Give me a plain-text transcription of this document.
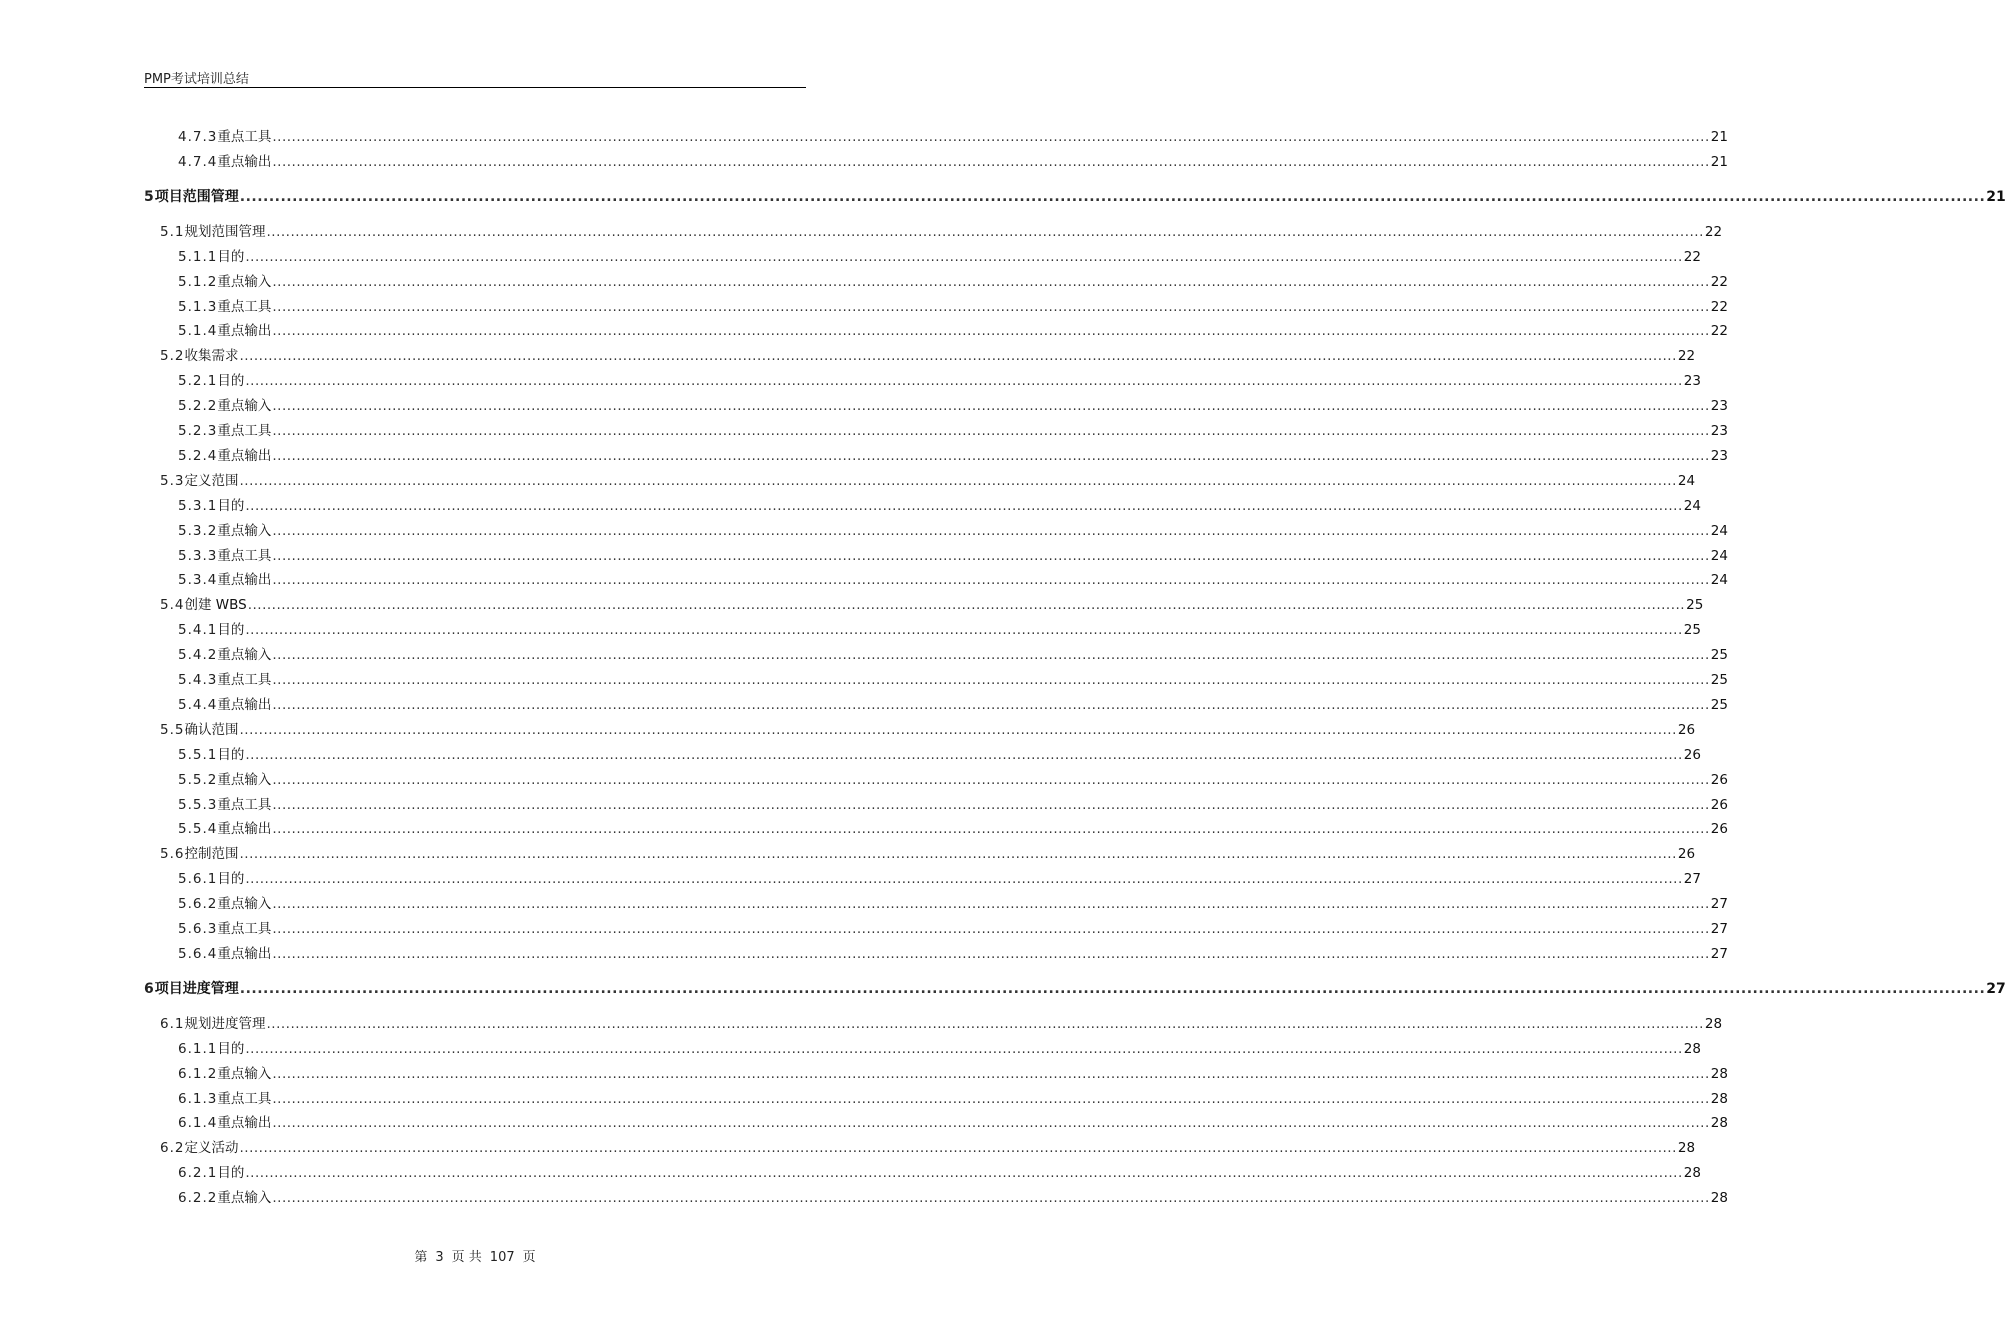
PMP考试培训总结
4.7.3 重点工具 ............................................................................................................................................................................................................................................................................................................ 21
4.7.4 重点输出 ............................................................................................................................................................................................................................................................................................................ 21
5 项目范围管理 ............................................................................................................................................................................................................................................................................................................ 21
5.1 规划范围管理 ............................................................................................................................................................................................................................................................................................................ 22
5.1.1 目的 ............................................................................................................................................................................................................................................................................................................ 22
5.1.2 重点输入 ............................................................................................................................................................................................................................................................................................................ 22
5.1.3 重点工具 ............................................................................................................................................................................................................................................................................................................ 22
5.1.4 重点输出 ............................................................................................................................................................................................................................................................................................................ 22
5.2 收集需求 ............................................................................................................................................................................................................................................................................................................ 22
5.2.1 目的 ............................................................................................................................................................................................................................................................................................................ 23
5.2.2 重点输入 ............................................................................................................................................................................................................................................................................................................ 23
5.2.3 重点工具 ............................................................................................................................................................................................................................................................................................................ 23
5.2.4 重点输出 ............................................................................................................................................................................................................................................................................................................ 23
5.3 定义范围 ............................................................................................................................................................................................................................................................................................................ 24
5.3.1 目的 ............................................................................................................................................................................................................................................................................................................ 24
5.3.2 重点输入 ............................................................................................................................................................................................................................................................................................................ 24
5.3.3 重点工具 ............................................................................................................................................................................................................................................................................................................ 24
5.3.4 重点输出 ............................................................................................................................................................................................................................................................................................................ 24
5.4 创建 WBS ............................................................................................................................................................................................................................................................................................................ 25
5.4.1 目的 ............................................................................................................................................................................................................................................................................................................ 25
5.4.2 重点输入 ............................................................................................................................................................................................................................................................................................................ 25
5.4.3 重点工具 ............................................................................................................................................................................................................................................................................................................ 25
5.4.4 重点输出 ............................................................................................................................................................................................................................................................................................................ 25
5.5 确认范围 ............................................................................................................................................................................................................................................................................................................ 26
5.5.1 目的 ............................................................................................................................................................................................................................................................................................................ 26
5.5.2 重点输入 ............................................................................................................................................................................................................................................................................................................ 26
5.5.3 重点工具 ............................................................................................................................................................................................................................................................................................................ 26
5.5.4 重点输出 ............................................................................................................................................................................................................................................................................................................ 26
5.6 控制范围 ............................................................................................................................................................................................................................................................................................................ 26
5.6.1 目的 ............................................................................................................................................................................................................................................................................................................ 27
5.6.2 重点输入 ............................................................................................................................................................................................................................................................................................................ 27
5.6.3 重点工具 ............................................................................................................................................................................................................................................................................................................ 27
5.6.4 重点输出 ............................................................................................................................................................................................................................................................................................................ 27
6 项目进度管理 ............................................................................................................................................................................................................................................................................................................ 27
6.1 规划进度管理 ............................................................................................................................................................................................................................................................................................................ 28
6.1.1 目的 ............................................................................................................................................................................................................................................................................................................ 28
6.1.2 重点输入 ............................................................................................................................................................................................................................................................................................................ 28
6.1.3 重点工具 ............................................................................................................................................................................................................................................................................................................ 28
6.1.4 重点输出 ............................................................................................................................................................................................................................................................................................................ 28
6.2 定义活动 ............................................................................................................................................................................................................................................................................................................ 28
6.2.1 目的 ............................................................................................................................................................................................................................................................................................................ 28
6.2.2 重点输入 ............................................................................................................................................................................................................................................................................................................ 28
第 3 页 共 107 页
